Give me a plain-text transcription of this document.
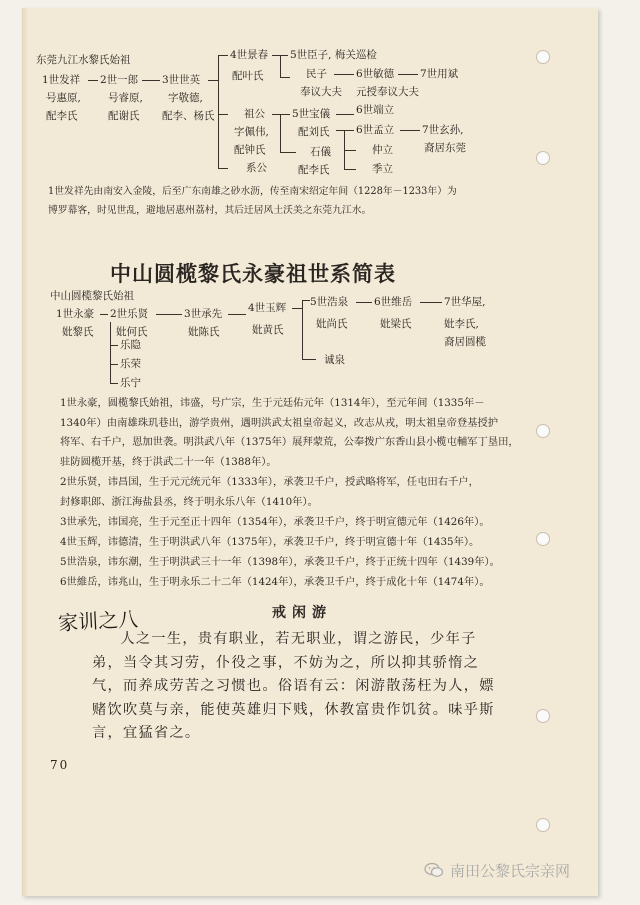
东莞九江水黎氏始祖
1世发祥
号惠原,
配李氏
2世一郎
号睿原,
配谢氏
3世世英
字敬德,
配李、杨氏
4世景春
配叶氏
5世臣子, 梅关巡检
民子
奉议大夫
6世敏德
元授奉议大夫
7世用斌
祖公
字佩伟,
配钟氏
系公
5世宝儀
配刘氏
6世端立
石儀
配李氏
6世孟立
仲立
季立
7世玄孙,
裔居东莞
1世发祥先由南安入金陵，后至广东南雄之砂水沥，传至南宋绍定年间（1228年－1233年）为
博罗幕客，时见世乱，避地居惠州荔村，其后迁居风土沃美之东莞九江水。
中山圆榄黎氏永豪祖世系简表
中山圆榄黎氏始祖
1世永豪
妣黎氏
2世乐贤
妣何氏
乐隐
乐荣
乐宁
3世承先
妣陈氏
4世玉辉
妣黄氏
5世浩泉
妣尚氏
诚泉
6世维岳
妣梁氏
7世华屋,
妣李氏,
裔居圆榄
1世永豪，圆榄黎氏始祖，讳盛，号广宗，生于元廷佑元年（1314年），至元年间（1335年－
1340年）由南雄珠玑巷出，游学贵州，遇明洪武太祖皇帝起义，改志从戎，明太祖皇帝登基授护
将军、右千户，恩加世袭。明洪武八年（1375年）展拜蒙荒，公奉拨广东香山县小榄屯輔军丁垦田，
驻防圆榄开基，终于洪武二十一年（1388年）。
2世乐贤，讳昌国，生于元元统元年（1333年），承袭卫千户，授武略将军，任屯田右千户，
封修职郎、浙江海盐县丞，终于明永乐八年（1410年）。
3世承先，讳国亮，生于元至正十四年（1354年），承袭卫千户，终于明宣德元年（1426年）。
4世玉辉，讳德清，生于明洪武八年（1375年），承袭卫千户，终于明宣德十年（1435年）。
5世浩泉，讳东潮，生于明洪武三十一年（1398年），承袭卫千户，终于正统十四年（1439年）。
6世維岳，讳兆山，生于明永乐二十二年（1424年），承袭卫千户，终于成化十年（1474年）。
家训之八	戒闲游
人之一生，贵有职业，若无职业，谓之游民，少年子弟，当令其习劳，仆役之事，不妨为之，所以抑其骄惰之气，而养成劳苦之习惯也。俗语有云：闲游散荡枉为人，嫖赌饮吹莫与亲，能使英雄归下贱，休教富贵作饥贫。味乎斯言，宜猛省之。
70
南田公黎氏宗亲网
